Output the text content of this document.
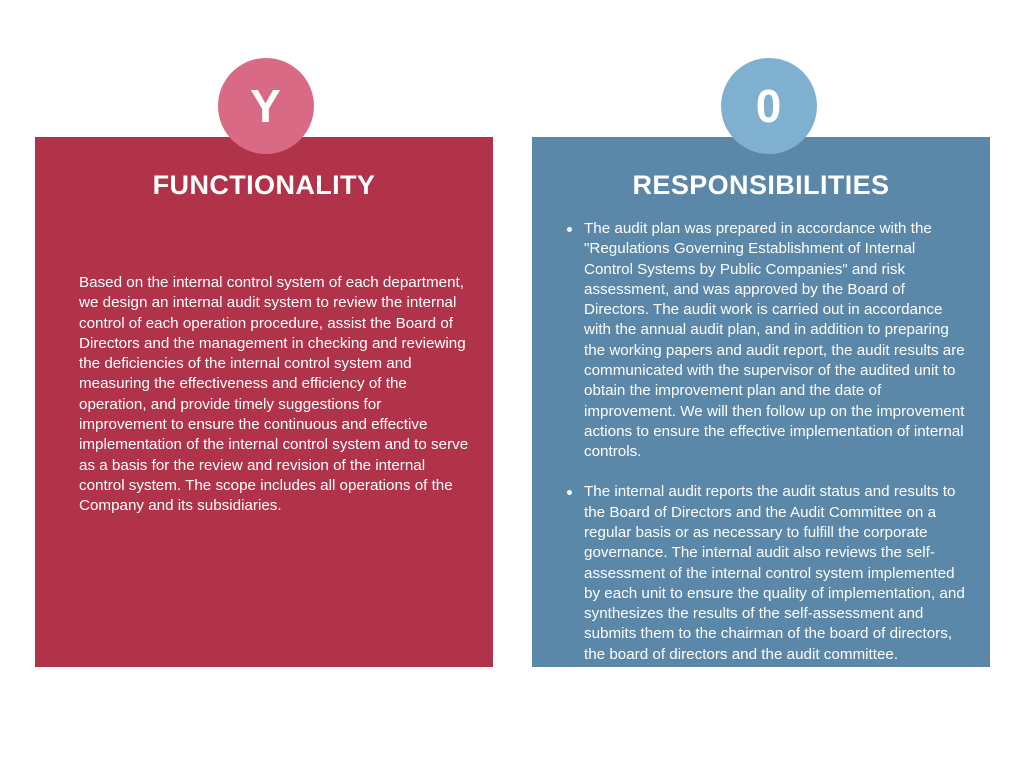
Y
FUNCTIONALITY

Based on the internal control system of each department, we design an internal audit system to review the internal control of each operation procedure, assist the Board of Directors and the management in checking and reviewing the deficiencies of the internal control system and measuring the effectiveness and efficiency of the operation, and provide timely suggestions for improvement to ensure the continuous and effective implementation of the internal control system and to serve as a basis for the review and revision of the internal control system. The scope includes all operations of the Company and its subsidiaries.

0
RESPONSIBILITIES
The audit plan was prepared in accordance with the "Regulations Governing Establishment of Internal Control Systems by Public Companies" and risk assessment, and was approved by the Board of Directors. The audit work is carried out in accordance with the annual audit plan, and in addition to preparing the working papers and audit report, the audit results are communicated with the supervisor of the audited unit to obtain the improvement plan and the date of improvement. We will then follow up on the improvement actions to ensure the effective implementation of internal controls.
The internal audit reports the audit status and results to the Board of Directors and the Audit Committee on a regular basis or as necessary to fulfill the corporate governance. The internal audit also reviews the self-assessment of the internal control system implemented by each unit to ensure the quality of implementation, and synthesizes the results of the self-assessment and submits them to the chairman of the board of directors, the board of directors and the audit committee.
